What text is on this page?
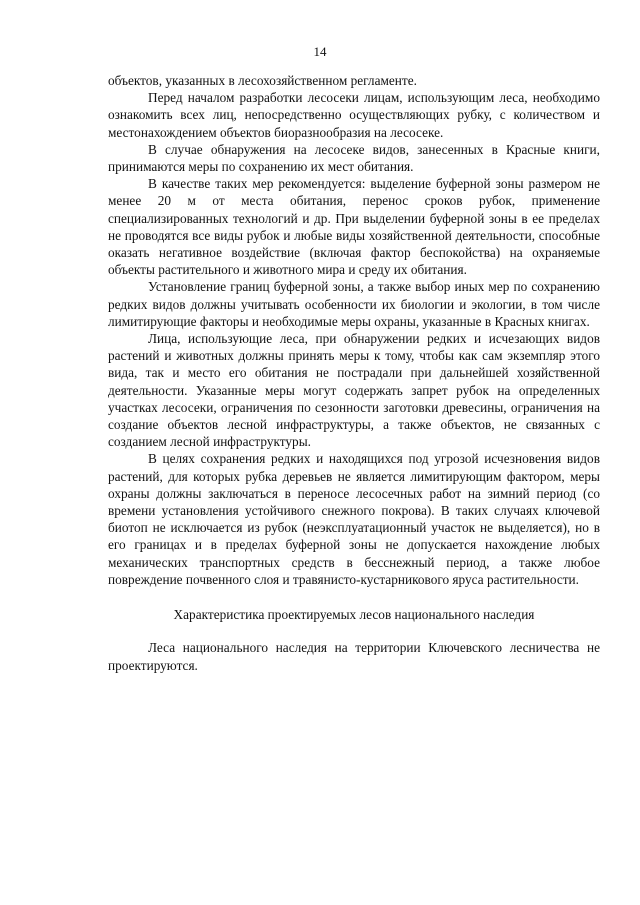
14

объектов, указанных в лесохозяйственном регламенте.

Перед началом разработки лесосеки лицам, использующим леса, необходимо ознакомить всех лиц, непосредственно осуществляющих рубку, с количеством и местонахождением объектов биоразнообразия на лесосеке.

В случае обнаружения на лесосеке видов, занесенных в Красные книги, принимаются меры по сохранению их мест обитания.

В качестве таких мер рекомендуется: выделение буферной зоны размером не менее 20 м от места обитания, перенос сроков рубок, применение специализированных технологий и др. При выделении буферной зоны в ее пределах не проводятся все виды рубок и любые виды хозяйственной деятельности, способные оказать негативное воздействие (включая фактор беспокойства) на охраняемые объекты растительного и животного мира и среду их обитания.

Установление границ буферной зоны, а также выбор иных мер по сохранению редких видов должны учитывать особенности их биологии и экологии, в том числе лимитирующие факторы и необходимые меры охраны, указанные в Красных книгах.

Лица, использующие леса, при обнаружении редких и исчезающих видов растений и животных должны принять меры к тому, чтобы как сам экземпляр этого вида, так и место его обитания не пострадали при дальнейшей хозяйственной деятельности. Указанные меры могут содержать запрет рубок на определенных участках лесосеки, ограничения по сезонности заготовки древесины, ограничения на создание объектов лесной инфраструктуры, а также объектов, не связанных с созданием лесной инфраструктуры.

В целях сохранения редких и находящихся под угрозой исчезновения видов растений, для которых рубка деревьев не является лимитирующим фактором, меры охраны должны заключаться в переносе лесосечных работ на зимний период (со времени установления устойчивого снежного покрова). В таких случаях ключевой биотоп не исключается из рубок (неэксплуатационный участок не выделяется), но в его границах и в пределах буферной зоны не допускается нахождение любых механических транспортных средств в бесснежный период, а также любое повреждение почвенного слоя и травянисто-кустарникового яруса растительности.

Характеристика проектируемых лесов национального наследия

Леса национального наследия на территории Ключевского лесничества не проектируются.
